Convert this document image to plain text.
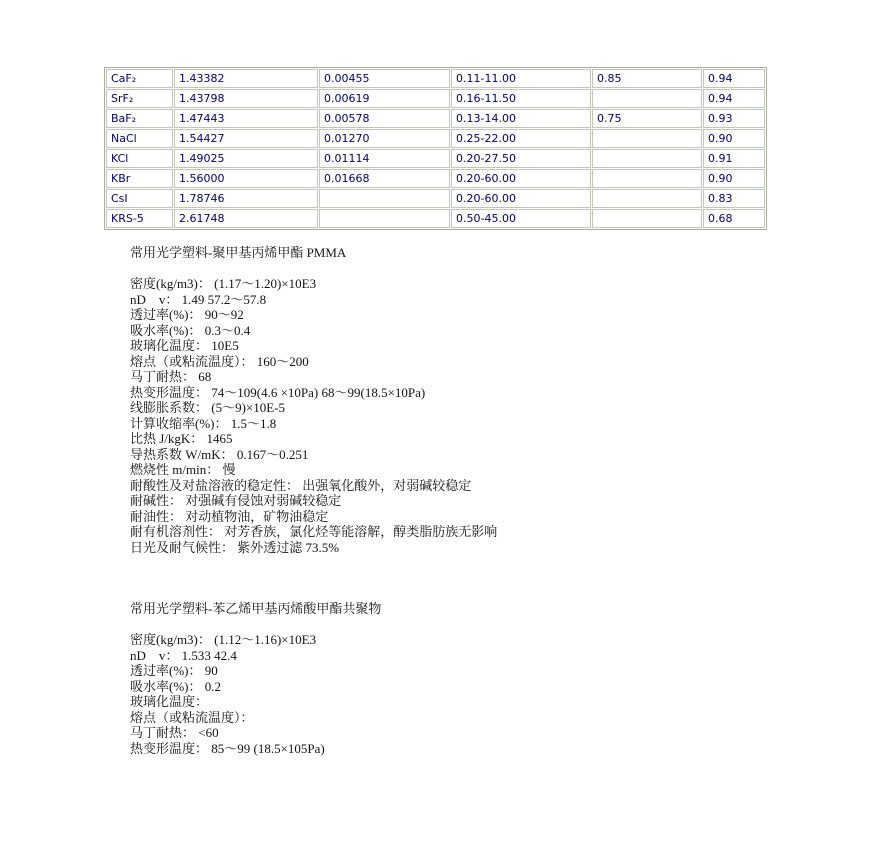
CaF₂	1.43382	0.00455	0.11-11.00	0.85	0.94
SrF₂	1.43798	0.00619	0.16-11.50		0.94
BaF₂	1.47443	0.00578	0.13-14.00	0.75	0.93
NaCl	1.54427	0.01270	0.25-22.00		0.90
KCl	1.49025	0.01114	0.20-27.50		0.91
KBr	1.56000	0.01668	0.20-60.00		0.90
CsI	1.78746		0.20-60.00		0.83
KRS-5	2.61748		0.50-45.00		0.68

常用光学塑料-聚甲基丙烯甲酯 PMMA

密度(kg/m3)： (1.17～1.20)×10E3

nD　v： 1.49 57.2～57.8

透过率(%)： 90～92

吸水率(%)： 0.3～0.4

玻璃化温度： 10E5

熔点（或粘流温度）： 160～200

马丁耐热： 68

热变形温度： 74～109(4.6 ×10Pa) 68～99(18.5×10Pa)

线膨胀系数： (5～9)×10E-5

计算收缩率(%)： 1.5～1.8

比热 J/kgK： 1465

导热系数 W/mK： 0.167～0.251

燃烧性 m/min： 慢

耐酸性及对盐溶液的稳定性： 出强氧化酸外，对弱碱较稳定

耐碱性： 对强碱有侵蚀对弱碱较稳定

耐油性： 对动植物油，矿物油稳定

耐有机溶剂性： 对芳香族，氯化烃等能溶解，醇类脂肪族无影响

日光及耐气候性： 紫外透过滤 73.5%

常用光学塑料-苯乙烯甲基丙烯酸甲酯共聚物

密度(kg/m3)： (1.12～1.16)×10E3

nD　v： 1.533 42.4

透过率(%)： 90

吸水率(%)： 0.2

玻璃化温度：

熔点（或粘流温度）：

马丁耐热： <60

热变形温度： 85～99 (18.5×105Pa)
